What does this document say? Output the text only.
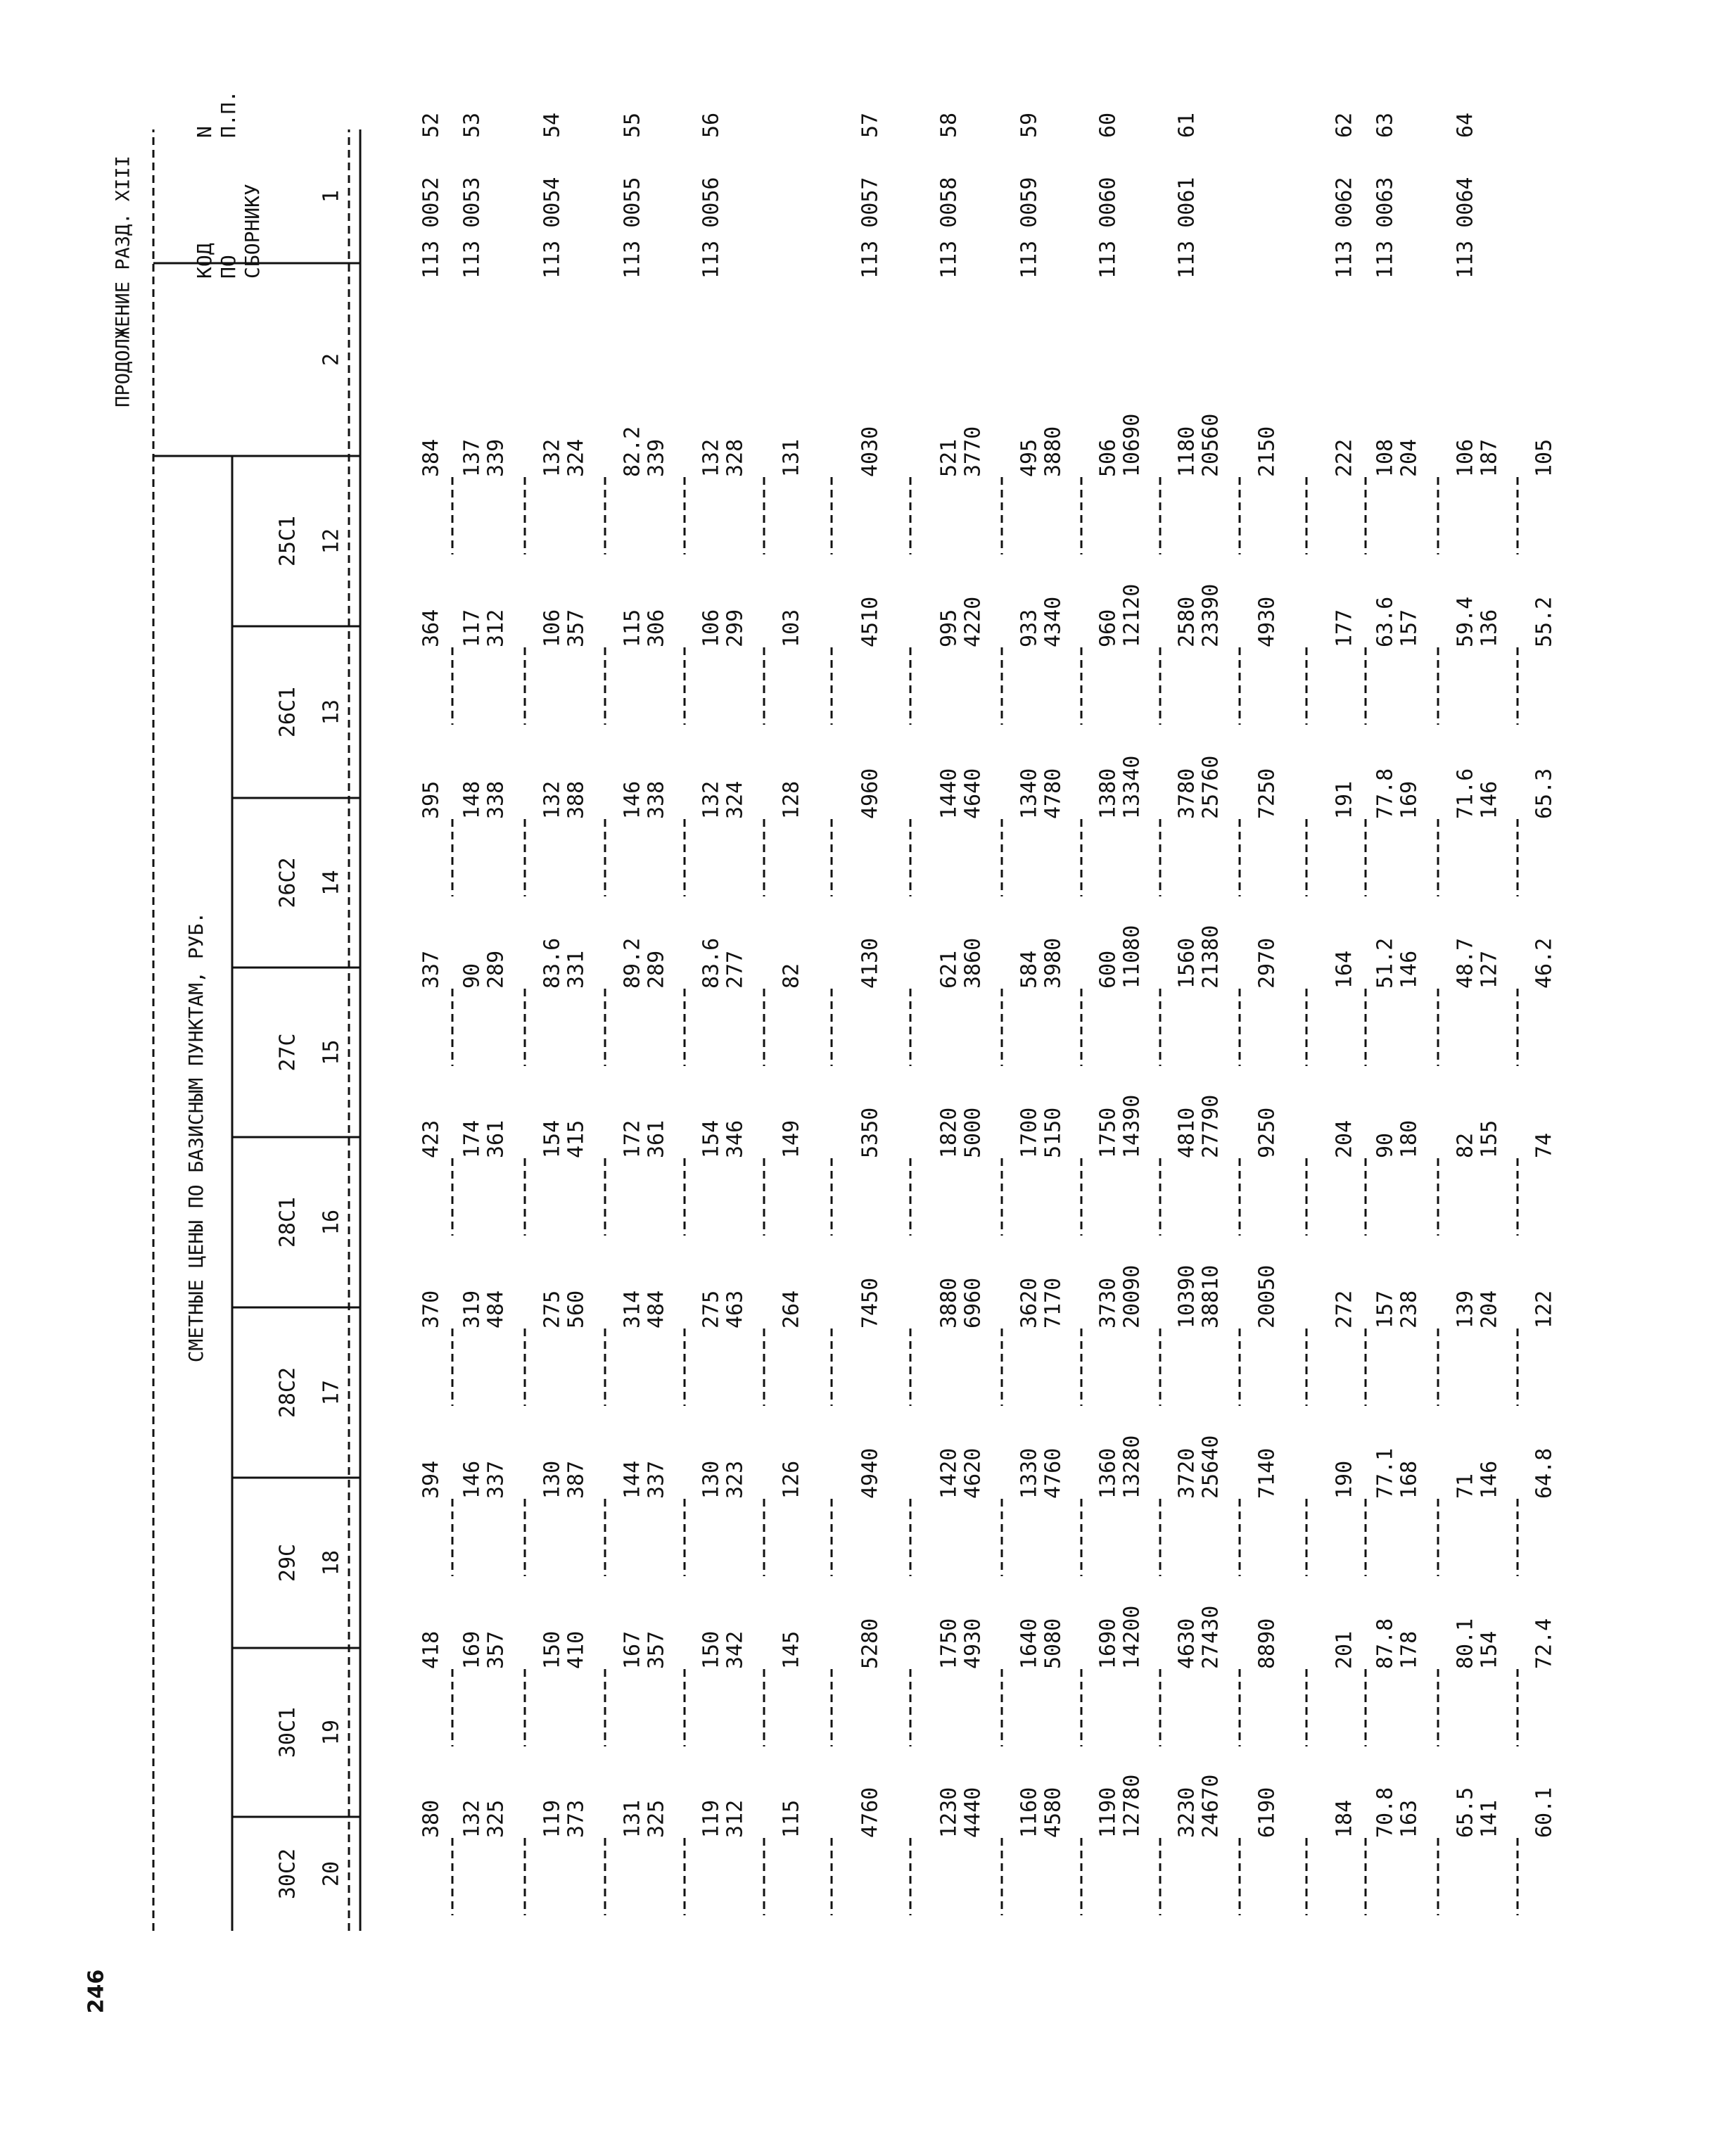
246
ПРОДОЛЖЕНИЕ РАЗД. XIII
N П.П.
КОД ПО СБОРНИКУ
СМЕТНЫЕ ЦЕНЫ ПО БАЗИСНЫМ ПУНКТАМ, РУБ.
25С1
26С1
26С2
27С
28С1
28С2
29С
30С1
30С2
1
2
12
13
14
15
16
17
18
19
20
52
113 0052
384
364
395
337
423
370
394
418
380
53
113 0053
137 339
117 312
148 338
90 289
174 361
319 484
146 337
169 357
132 325
54
113 0054
132 324
106 357
132 388
83.6 331
154 415
275 560
130 387
150 410
119 373
55
113 0055
82.2 339
115 306
146 338
89.2 289
172 361
314 484
144 337
167 357
131 325
56
113 0056
132 328
106 299
132 324
83.6 277
154 346
275 463
130 323
150 342
119 312
131
103
128
82
149
264
126
145
115
57
113 0057
4030
4510
4960
4130
5350
7450
4940
5280
4760
58
113 0058
521 3770
995 4220
1440 4640
621 3860
1820 5000
3880 6960
1420 4620
1750 4930
1230 4440
59
113 0059
495 3880
933 4340
1340 4780
584 3980
1700 5150
3620 7170
1330 4760
1640 5080
1160 4580
60
113 0060
506 10690
960 12120
1380 13340
600 11080
1750 14390
3730 20090
1360 13280
1690 14200
1190 12780
61
113 0061
1180 20560
2580 23390
3780 25760
1560 21380
4810 27790
10390 38810
3720 25640
4630 27430
3230 24670
2150
4930
7250
2970
9250
20050
7140
8890
6190
62
113 0062
222
177
191
164
204
272
190
201
184
63
113 0063
108 204
63.6 157
77.8 169
51.2 146
90 180
157 238
77.1 168
87.8 178
70.8 163
64
113 0064
106 187
59.4 136
71.6 146
48.7 127
82 155
139 204
71 146
80.1 154
65.5 141
105
55.2
65.3
46.2
74
122
64.8
72.4
60.1
